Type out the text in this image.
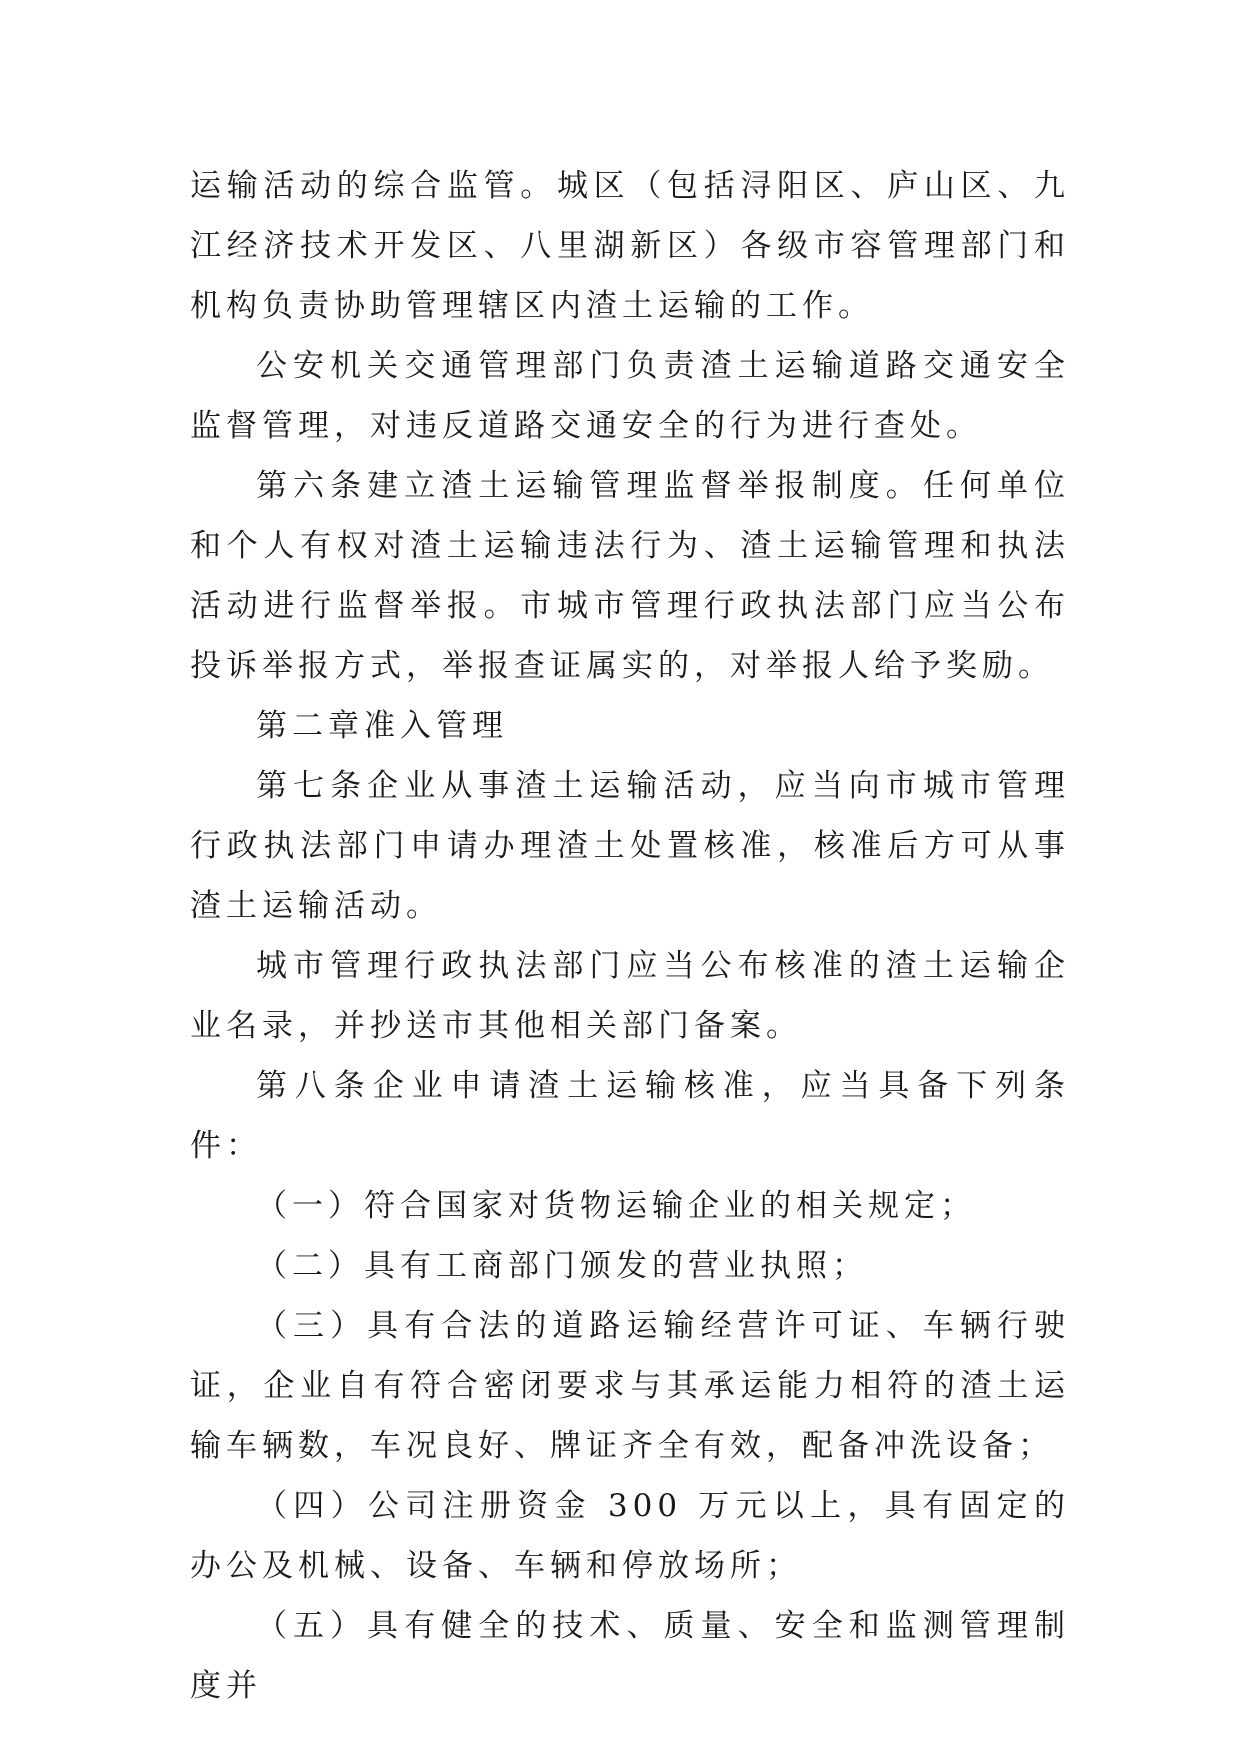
运输活动的综合监管。城区（包括浔阳区、庐山区、九江经济技术开发区、八里湖新区）各级市容管理部门和机构负责协助管理辖区内渣土运输的工作。

公安机关交通管理部门负责渣土运输道路交通安全监督管理，对违反道路交通安全的行为进行查处。

第六条建立渣土运输管理监督举报制度。任何单位和个人有权对渣土运输违法行为、渣土运输管理和执法活动进行监督举报。市城市管理行政执法部门应当公布投诉举报方式，举报查证属实的，对举报人给予奖励。

第二章准入管理

第七条企业从事渣土运输活动，应当向市城市管理行政执法部门申请办理渣土处置核准，核准后方可从事渣土运输活动。

城市管理行政执法部门应当公布核准的渣土运输企业名录，并抄送市其他相关部门备案。

第八条企业申请渣土运输核准，应当具备下列条件：

（一）符合国家对货物运输企业的相关规定；

（二）具有工商部门颁发的营业执照；

（三）具有合法的道路运输经营许可证、车辆行驶证，企业自有符合密闭要求与其承运能力相符的渣土运输车辆数，车况良好、牌证齐全有效，配备冲洗设备；

（四）公司注册资金 300 万元以上，具有固定的办公及机械、设备、车辆和停放场所；

（五）具有健全的技术、质量、安全和监测管理制度并
